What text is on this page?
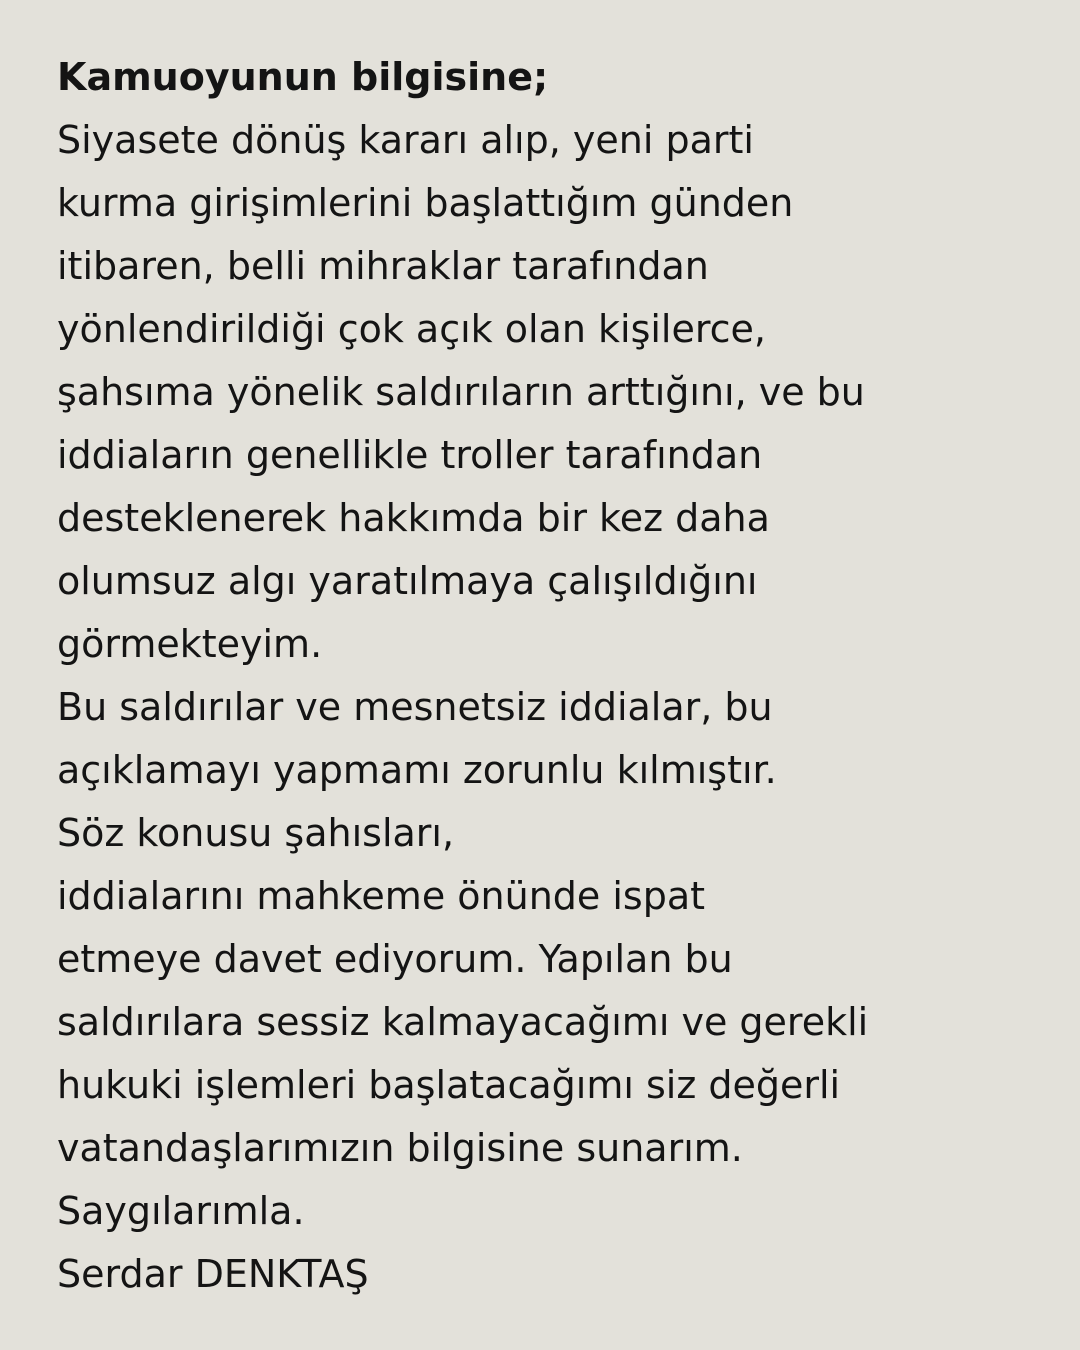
Kamuoyunun bilgisine;
Siyasete dönüş kararı alıp, yeni parti
kurma girişimlerini başlattığım günden
itibaren, belli mihraklar tarafından
yönlendirildiği çok açık olan kişilerce,
şahsıma yönelik saldırıların arttığını, ve bu
iddiaların genellikle troller tarafından
desteklenerek hakkımda bir kez daha
olumsuz algı yaratılmaya çalışıldığını
görmekteyim.
Bu saldırılar ve mesnetsiz iddialar, bu
açıklamayı yapmamı zorunlu kılmıştır.
Söz konusu şahısları,
iddialarını mahkeme önünde ispat
etmeye davet ediyorum. Yapılan bu
saldırılara sessiz kalmayacağımı ve gerekli
hukuki işlemleri başlatacağımı siz değerli
vatandaşlarımızın bilgisine sunarım.
Saygılarımla.
Serdar DENKTAŞ
